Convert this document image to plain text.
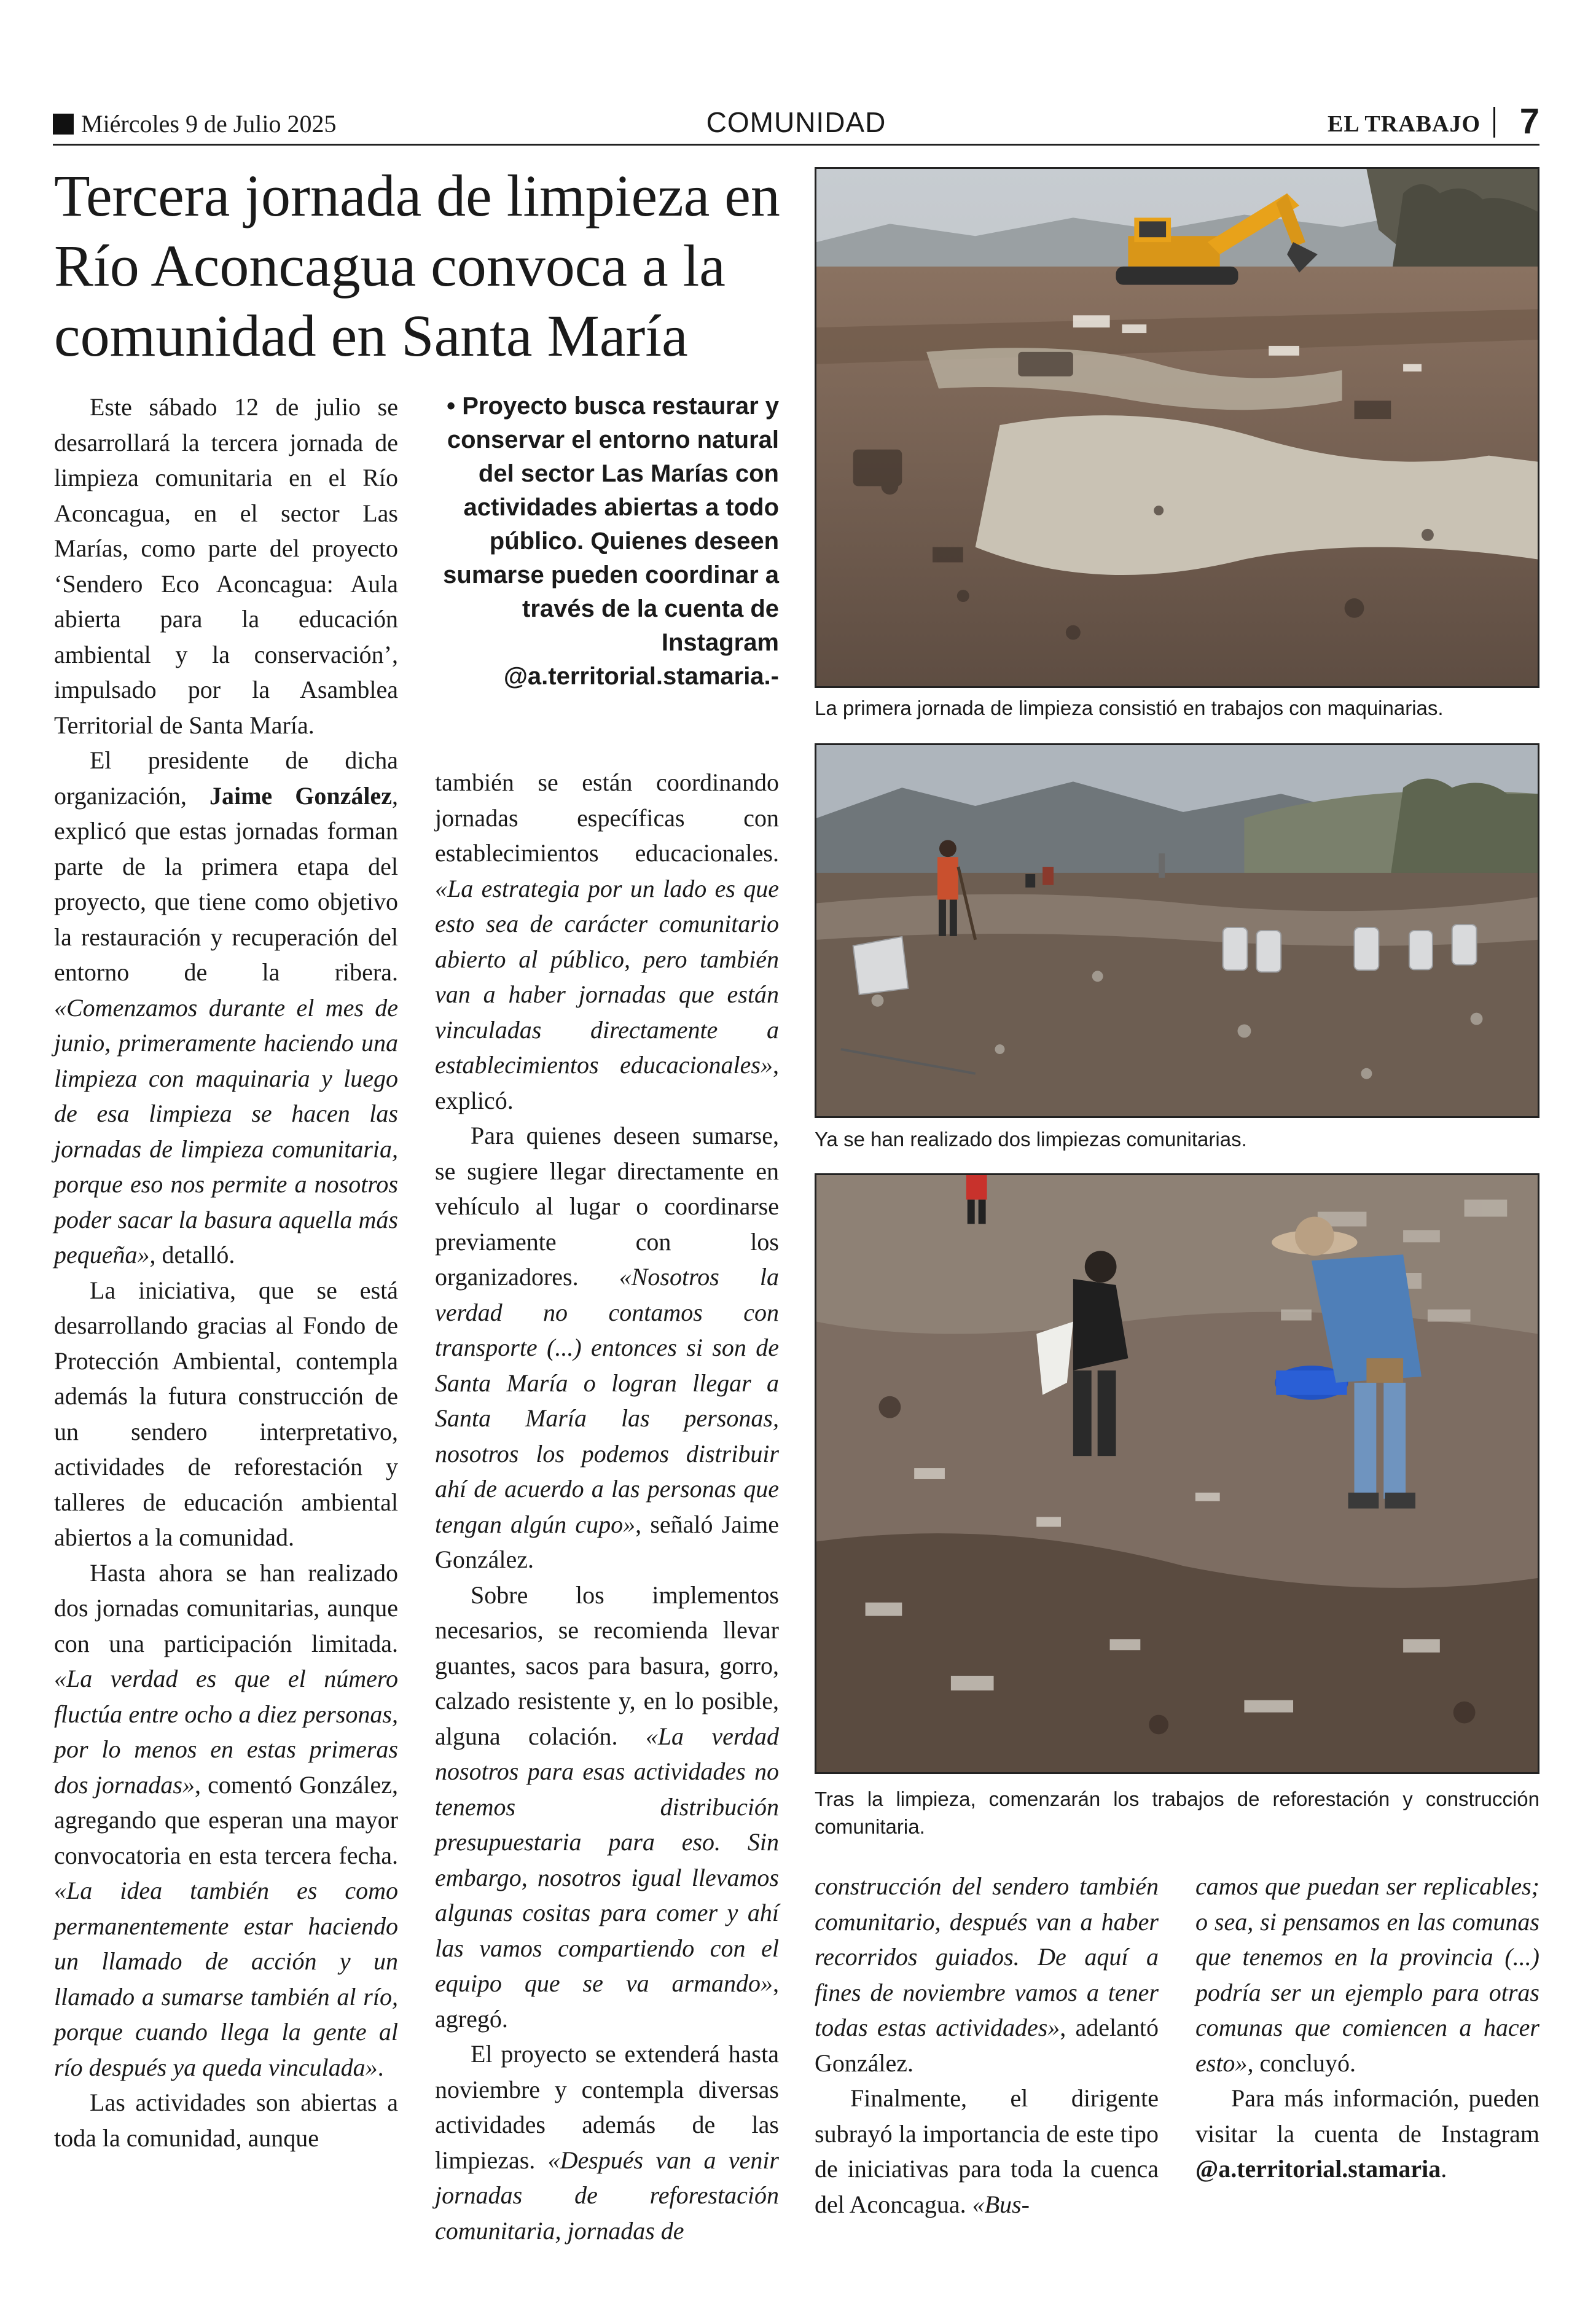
Miércoles 9 de Julio 2025	COMUNIDAD	EL TRABAJO 7
Tercera jornada de limpieza en
Río Aconcagua convoca a la
comunidad en Santa María

Este sábado 12 de julio se desarrollará la tercera jornada de limpieza comunitaria en el Río Aconcagua, en el sector Las Marías, como parte del proyecto ‘Sendero Eco Aconcagua: Aula abierta para la educación ambiental y la conservación’, impulsado por la Asamblea Territorial de Santa María.

El presidente de dicha organización, Jaime González, explicó que estas jornadas forman parte de la primera etapa del proyecto, que tiene como objetivo la restauración y recuperación del entorno de la ribera. «Comenzamos durante el mes de junio, primeramente haciendo una limpieza con maquinaria y luego de esa limpieza se hacen las jornadas de limpieza comunitaria, porque eso nos permite a nosotros poder sacar la basura aquella más pequeña», detalló.

La iniciativa, que se está desarrollando gracias al Fondo de Protección Ambiental, contempla además la futura construcción de un sendero interpretativo, actividades de reforestación y talleres de educación ambiental abiertos a la comunidad.

Hasta ahora se han realizado dos jornadas comunitarias, aunque con una participación limitada. «La verdad es que el número fluctúa entre ocho a diez personas, por lo menos en estas primeras dos jornadas», comentó González, agregando que esperan una mayor convocatoria en esta tercera fecha. «La idea también es como permanentemente estar haciendo un llamado de acción y un llamado a sumarse también al río, porque cuando llega la gente al río después ya queda vinculada».

Las actividades son abiertas a toda la comunidad, aunque

• Proyecto busca restaurar y conservar el entorno natural del sector Las Marías con actividades abiertas a todo público. Quienes deseen sumarse pueden coordinar a través de la cuenta de Instagram @a.territorial.stamaria.-

también se están coordinando jornadas específicas con establecimientos educacionales. «La estrategia por un lado es que esto sea de carácter comunitario abierto al público, pero también van a haber jornadas que están vinculadas directamente a establecimientos educacionales», explicó.

Para quienes deseen sumarse, se sugiere llegar directamente en vehículo al lugar o coordinarse previamente con los organizadores. «Nosotros la verdad no contamos con transporte (...) entonces si son de Santa María o logran llegar a Santa María las personas, nosotros los podemos distribuir ahí de acuerdo a las personas que tengan algún cupo», señaló Jaime González.

Sobre los implementos necesarios, se recomienda llevar guantes, sacos para basura, gorro, calzado resistente y, en lo posible, alguna colación. «La verdad nosotros para esas actividades no tenemos distribución presupuestaria para eso. Sin embargo, nosotros igual llevamos algunas cositas para comer y ahí las vamos compartiendo con el equipo que se va armando», agregó.

El proyecto se extenderá hasta noviembre y contempla diversas actividades además de las limpiezas. «Después van a venir jornadas de reforestación comunitaria, jornadas de

La primera jornada de limpieza consistió en trabajos con maquinarias.
Ya se han realizado dos limpiezas comunitarias.
Tras la limpieza, comenzarán los trabajos de reforestación y construcción comunitaria.

construcción del sendero también comunitario, después van a haber recorridos guiados. De aquí a fines de noviembre vamos a tener todas estas actividades», adelantó González.

Finalmente, el dirigente subrayó la importancia de este tipo de iniciativas para toda la cuenca del Aconcagua. «Bus-

camos que puedan ser replicables; o sea, si pensamos en las comunas que tenemos en la provincia (...) podría ser un ejemplo para otras comunas que comiencen a hacer esto», concluyó.

Para más información, pueden visitar la cuenta de Instagram @a.territorial.stamaria.
